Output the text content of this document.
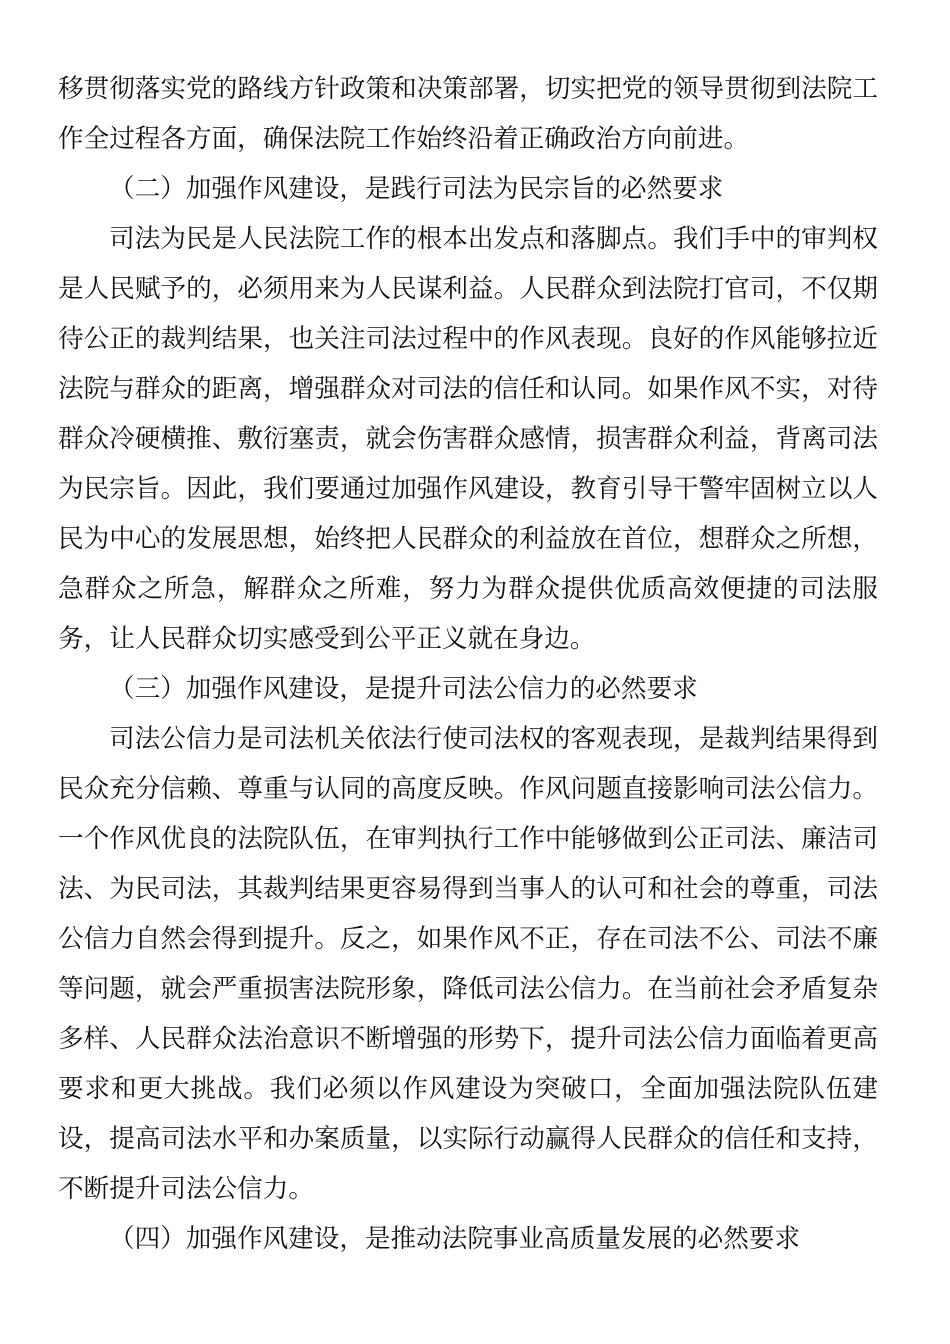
移贯彻落实党的路线方针政策和决策部署，切实把党的领导贯彻到法院工作全过程各方面，确保法院工作始终沿着正确政治方向前进。

（二）加强作风建设，是践行司法为民宗旨的必然要求

司法为民是人民法院工作的根本出发点和落脚点。我们手中的审判权是人民赋予的，必须用来为人民谋利益。人民群众到法院打官司，不仅期待公正的裁判结果，也关注司法过程中的作风表现。良好的作风能够拉近法院与群众的距离，增强群众对司法的信任和认同。如果作风不实，对待群众冷硬横推、敷衍塞责，就会伤害群众感情，损害群众利益，背离司法为民宗旨。因此，我们要通过加强作风建设，教育引导干警牢固树立以人民为中心的发展思想，始终把人民群众的利益放在首位，想群众之所想，急群众之所急，解群众之所难，努力为群众提供优质高效便捷的司法服务，让人民群众切实感受到公平正义就在身边。

（三）加强作风建设，是提升司法公信力的必然要求

司法公信力是司法机关依法行使司法权的客观表现，是裁判结果得到民众充分信赖、尊重与认同的高度反映。作风问题直接影响司法公信力。一个作风优良的法院队伍，在审判执行工作中能够做到公正司法、廉洁司法、为民司法，其裁判结果更容易得到当事人的认可和社会的尊重，司法公信力自然会得到提升。反之，如果作风不正，存在司法不公、司法不廉等问题，就会严重损害法院形象，降低司法公信力。在当前社会矛盾复杂多样、人民群众法治意识不断增强的形势下，提升司法公信力面临着更高要求和更大挑战。我们必须以作风建设为突破口，全面加强法院队伍建设，提高司法水平和办案质量，以实际行动赢得人民群众的信任和支持，不断提升司法公信力。

（四）加强作风建设，是推动法院事业高质量发展的必然要求
